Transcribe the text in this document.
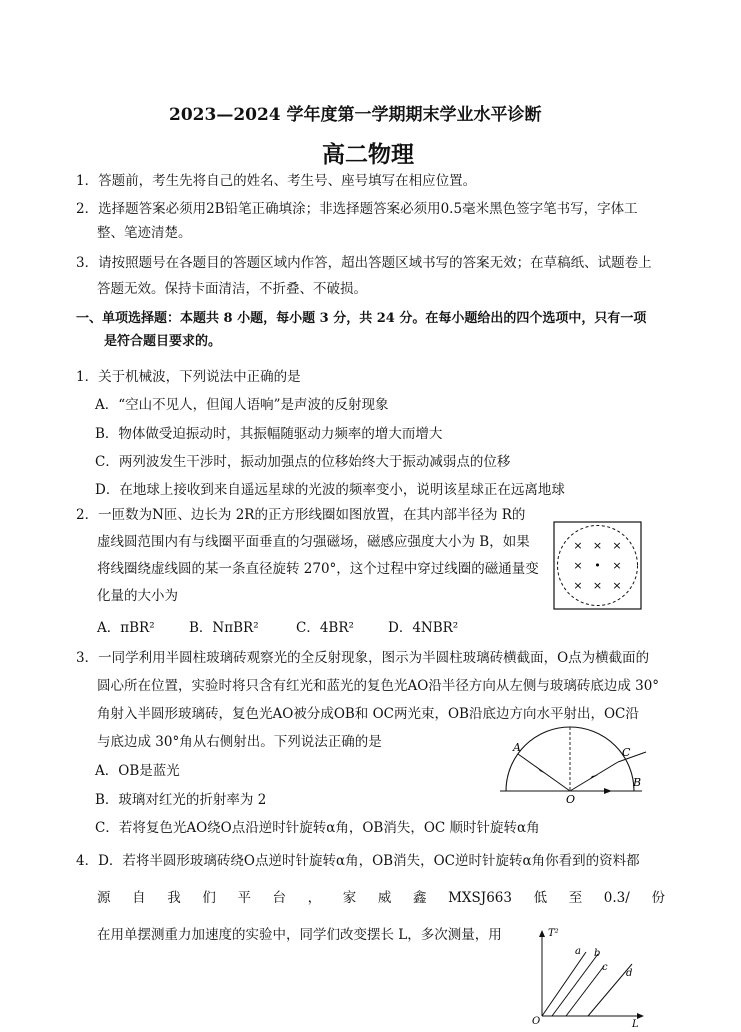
2023—2024 学年度第一学期期末学业水平诊断
高二物理
1．答题前，考生先将自己的姓名、考生号、座号填写在相应位置。
2．选择题答案必须用2B铅笔正确填涂；非选择题答案必须用0.5毫米黑色签字笔书写，字体工
整、笔迹清楚。
3．请按照题号在各题目的答题区域内作答，超出答题区域书写的答案无效；在草稿纸、试题卷上
答题无效。保持卡面清洁，不折叠、不破损。
一、单项选择题：本题共 8 小题，每小题 3 分，共 24 分。在每小题给出的四个选项中，只有一项
是符合题目要求的。
1．关于机械波，下列说法中正确的是
A．“空山不见人，但闻人语响”是声波的反射现象
B．物体做受迫振动时，其振幅随驱动力频率的增大而增大
C．两列波发生干涉时，振动加强点的位移始终大于振动减弱点的位移
D．在地球上接收到来自遥远星球的光波的频率变小，说明该星球正在远离地球
2．一匝数为N匝、边长为 2R的正方形线圈如图放置，在其内部半径为 R的
虚线圆范围内有与线圈平面垂直的匀强磁场，磁感应强度大小为 B，如果
将线圈绕虚线圆的某一条直径旋转 270°，这个过程中穿过线圈的磁通量变
化量的大小为
A．πBR²	B．NπBR²	C．4BR²	D．4NBR²
× × ×
× • ×
× × ×
3．一同学利用半圆柱玻璃砖观察光的全反射现象，图示为半圆柱玻璃砖横截面，O点为横截面的
圆心所在位置，实验时将只含有红光和蓝光的复色光AO沿半径方向从左侧与玻璃砖底边成 30°
角射入半圆形玻璃砖，复色光AO被分成OB和 OC两光束，OB沿底边方向水平射出，OC沿
与底边成 30°角从右侧射出。下列说法正确的是
A．OB是蓝光
B．玻璃对红光的折射率为 2
C．若将复色光AO绕O点沿逆时针旋转α角，OB消失，OC 顺时针旋转α角
4．D．若将半圆形玻璃砖绕O点逆时针旋转α角，OB消失，OC逆时针旋转α角你看到的资料都
A	C
B
O
源 自 我 们 平 台 ， 家 威 鑫 MXSJ663 低 至 0.3/ 份
在用单摆测重力加速度的实验中，同学们改变摆长 L，多次测量，用	T²
L
O
a b
c
d
